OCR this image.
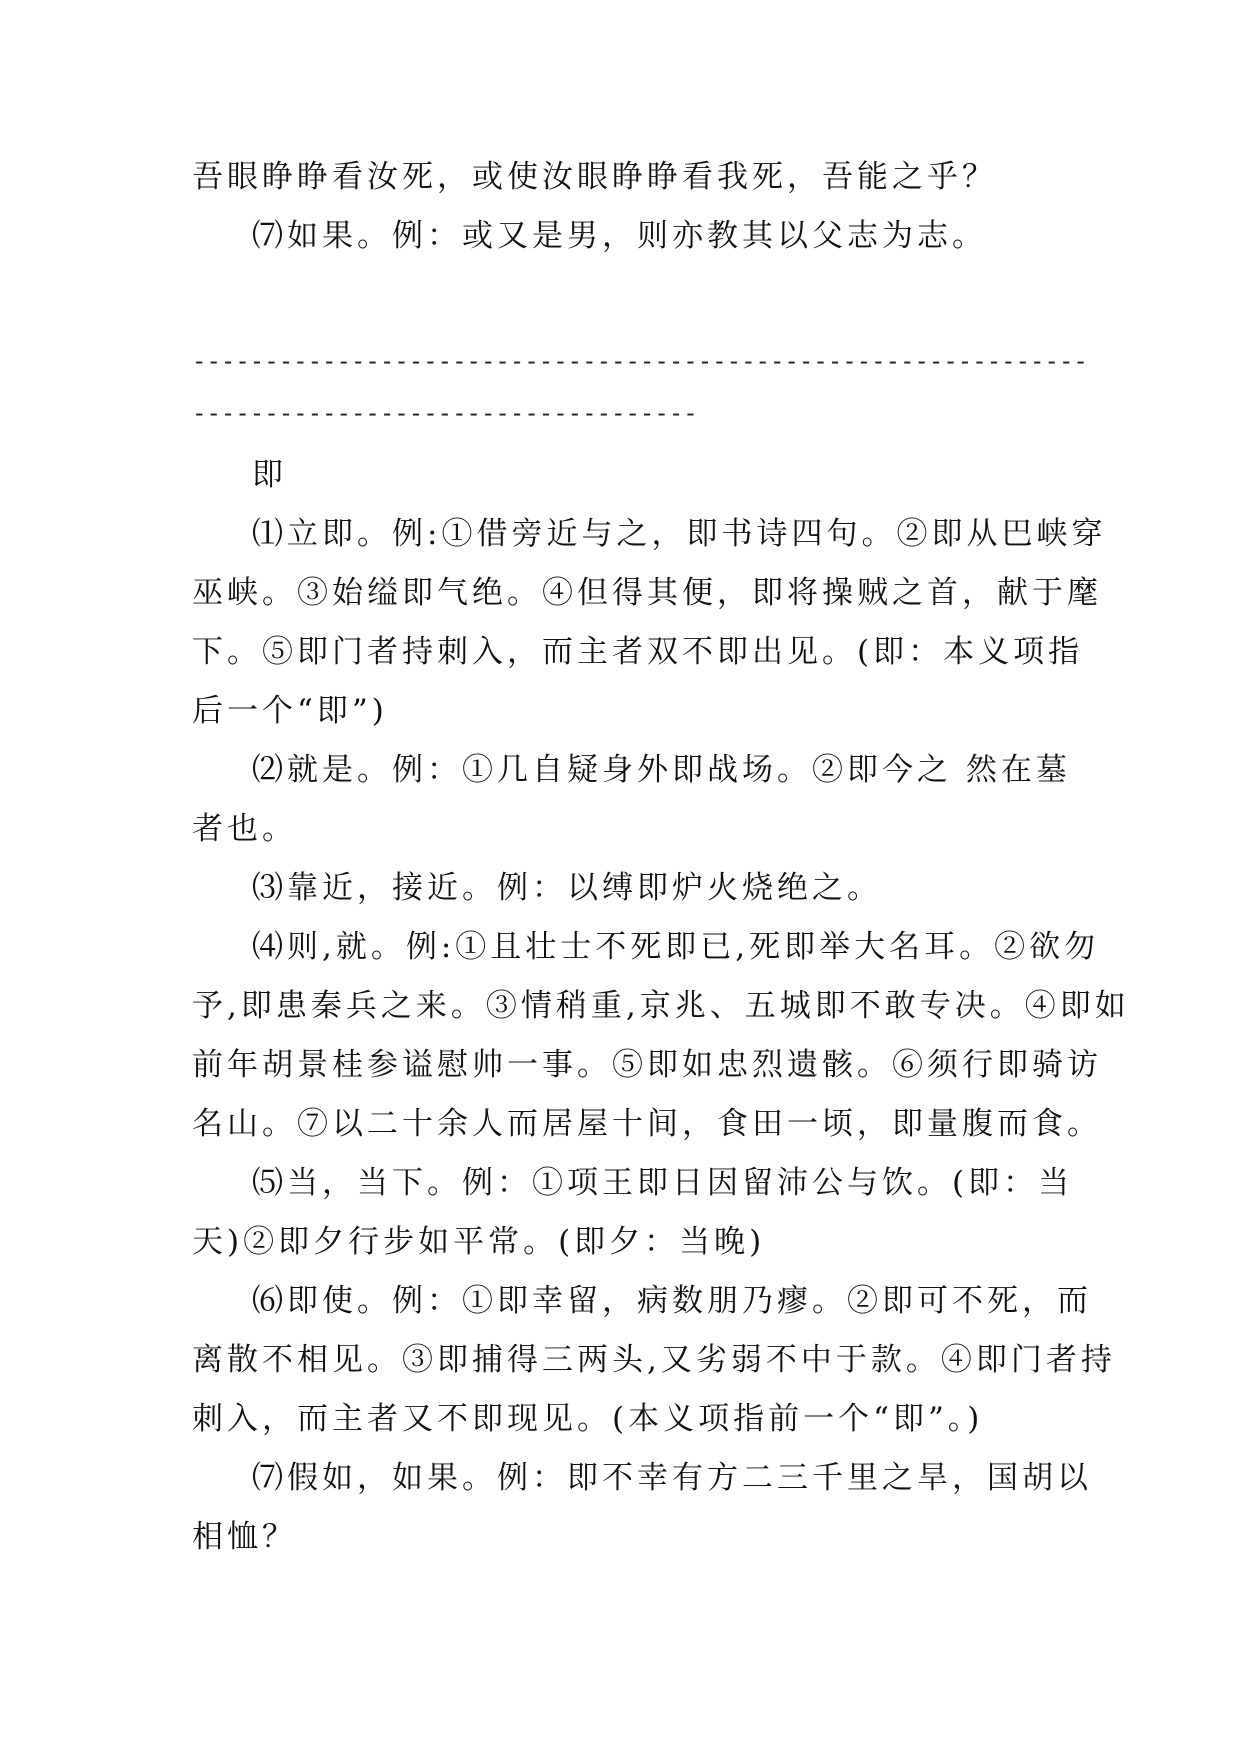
吾眼睁睁看汝死，或使汝眼睁睁看我死，吾能之乎？

⑺如果。例：或又是男，则亦教其以父志为志。

--------------------------------------------------------------

-----------------------------------

即

⑴立即。例:①借旁近与之，即书诗四句。②即从巴峡穿

巫峡。③始缢即气绝。④但得其便，即将操贼之首，献于麾

下。⑤即门者持刺入，而主者双不即出见。(即：本义项指

后一个“即”)

⑵就是。例：①几自疑身外即战场。②即今之 然在墓

者也。

⑶靠近，接近。例：以缚即炉火烧绝之。

⑷则,就。例:①且壮士不死即已,死即举大名耳。②欲勿

予,即患秦兵之来。③情稍重,京兆、五城即不敢专决。④即如

前年胡景桂参谥慰帅一事。⑤即如忠烈遗骸。⑥须行即骑访

名山。⑦以二十余人而居屋十间，食田一顷，即量腹而食。

⑸当，当下。例：①项王即日因留沛公与饮。(即：当

天)②即夕行步如平常。(即夕：当晚)

⑹即使。例：①即幸留，病数朋乃瘳。②即可不死，而

离散不相见。③即捕得三两头,又劣弱不中于款。④即门者持

刺入，而主者又不即现见。(本义项指前一个“即”。)

⑺假如，如果。例：即不幸有方二三千里之旱，国胡以

相恤？
